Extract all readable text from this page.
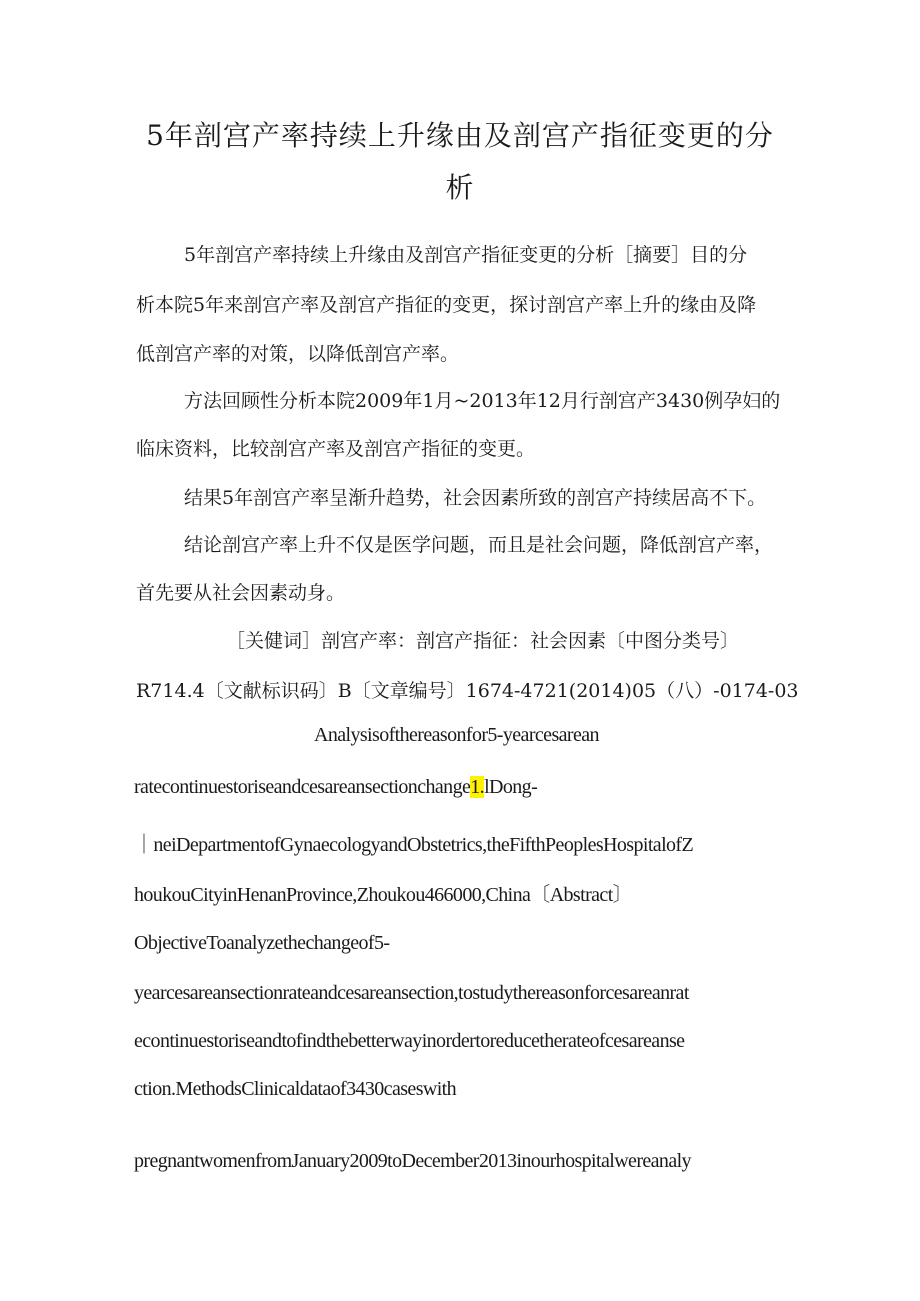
5年剖宫产率持续上升缘由及剖宫产指征变更的分
析
5年剖宫产率持续上升缘由及剖宫产指征变更的分析［摘要］目的分
析本院5年来剖宫产率及剖宫产指征的变更，探讨剖宫产率上升的缘由及降
低剖宫产率的对策，以降低剖宫产率。
方法回顾性分析本院2009年1月~2013年12月行剖宫产3430例孕妇的
临床资料，比较剖宫产率及剖宫产指征的变更。
结果5年剖宫产率呈渐升趋势，社会因素所致的剖宫产持续居高不下。
结论剖宫产率上升不仅是医学问题，而且是社会问题，降低剖宫产率，
首先要从社会因素动身。
［关健词］剖宫产率：剖宫产指征：社会因素〔中图分类号〕
R714.4〔文献标识码〕B〔文章编号〕1674-4721(2014)05（八）-0174-03
Analysisofthereasonfor5-yearcesarean
ratecontinuestoriseandcesareansectionchange1.lDong-
｜neiDepartmentofGynaecologyandObstetrics,theFifthPeoplesHospitalofZ
houkouCityinHenanProvince,Zhoukou466000,China〔Abstract〕
ObjectiveToanalyzethechangeof5-
yearcesareansectionrateandcesareansection,tostudythereasonforcesareanrat
econtinuestoriseandtofindthebetterwayinordertoreducetherateofcesareanse
ction.MethodsClinicaldataof3430caseswith
pregnantwomenfromJanuary2009toDecember2013inourhospitalwereanaly
